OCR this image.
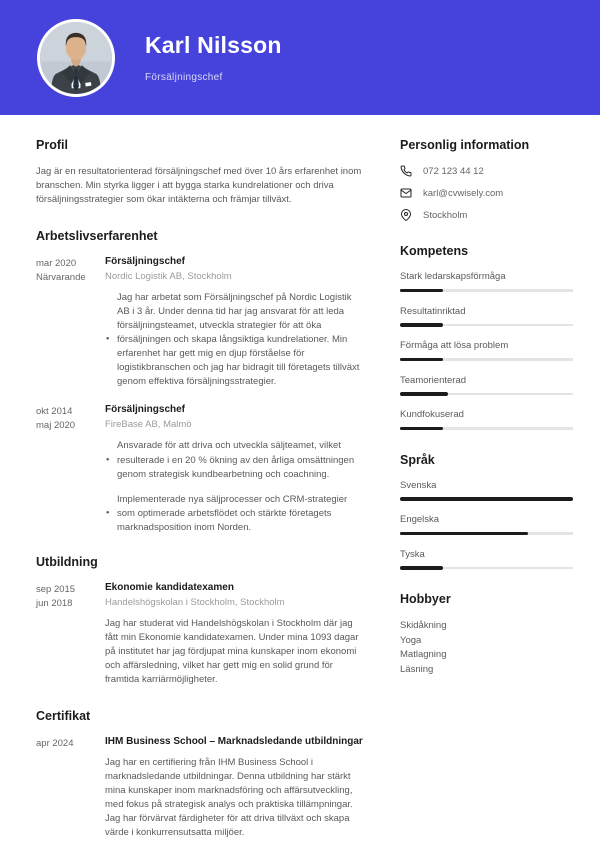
Karl Nilsson
Försäljningschef
Profil

Jag är en resultatorienterad försäljningschef med över 10 års erfarenhet inom branschen. Min styrka ligger i att bygga starka kundrelationer och driva försäljningsstrategier som ökar intäkterna och främjar tillväxt.

Arbetslivserfarenhet
mar 2020
Närvarande
Försäljningschef
Nordic Logistik AB, Stockholm
• Jag har arbetat som Försäljningschef på Nordic Logistik AB i 3 år. Under denna tid har jag ansvarat för att leda försäljningsteamet, utveckla strategier för att öka försäljningen och skapa långsiktiga kundrelationer. Min erfarenhet har gett mig en djup förståelse för logistikbranschen och jag har bidragit till företagets tillväxt genom effektiva försäljningsstrategier.
okt 2014
maj 2020
Försäljningschef
FireBase AB, Malmö
• Ansvarade för att driva och utveckla säljteamet, vilket resulterade i en 20 % ökning av den årliga omsättningen genom strategisk kundbearbetning och coachning.
• Implementerade nya säljprocesser och CRM-strategier som optimerade arbetsflödet och stärkte företagets marknadsposition inom Norden.
Utbildning
sep 2015
jun 2018
Ekonomie kandidatexamen
Handelshögskolan i Stockholm, Stockholm

Jag har studerat vid Handelshögskolan i Stockholm där jag fått min Ekonomie kandidatexamen. Under mina 1093 dagar på institutet har jag fördjupat mina kunskaper inom ekonomi och affärsledning, vilket har gett mig en solid grund för framtida karriärmöjligheter.

Certifikat
apr 2024	IHM Business School – Marknadsledande utbildningar

Jag har en certifiering från IHM Business School i marknadsledande utbildningar. Denna utbildning har stärkt mina kunskaper inom marknadsföring och affärsutveckling, med fokus på strategisk analys och praktiska tillämpningar. Jag har förvärvat färdigheter för att driva tillväxt och skapa värde i konkurrensutsatta miljöer.

Personlig information
072 123 44 12
karl@cvwisely.com
Stockholm
Kompetens
Stark ledarskapsförmåga
Resultatinriktad
Förmåga att lösa problem
Teamorienterad
Kundfokuserad
Språk
Svenska
Engelska
Tyska
Hobbyer
Skidåkning
Yoga
Matlagning
Läsning
